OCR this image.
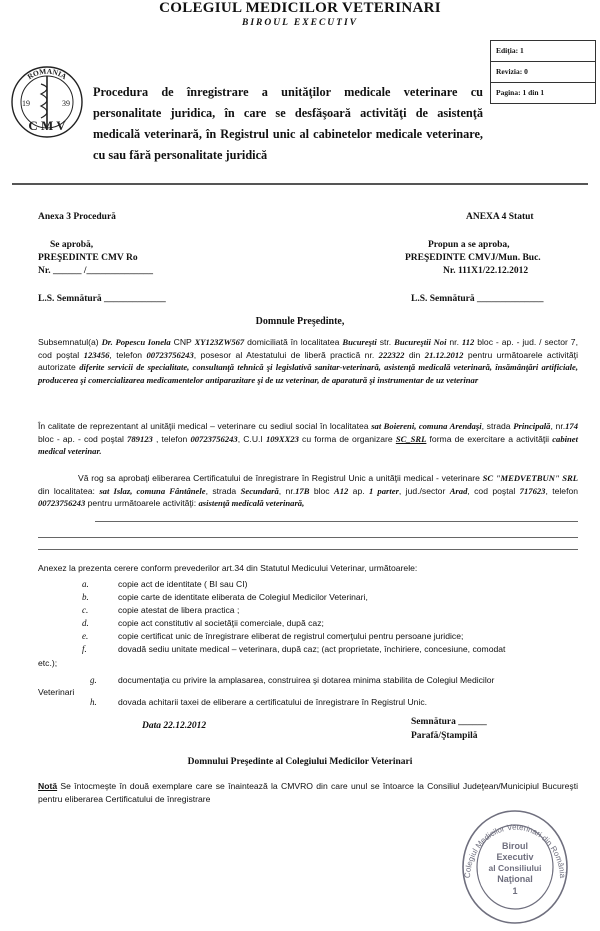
COLEGIUL MEDICILOR VETERINARI
BIROUL EXECUTIV
Ediţia: 1
Revizia: 0
Pagina: 1 din 1
ROMANIA
19	39
C M V
Procedura de înregistrare a unităţilor medicale veterinare cu personalitate juridica, în care se desfăşoară activităţi de asistenţă medicală veterinară, în Registrul unic al cabinetelor medicale veterinare, cu sau fără personalitate juridică
Anexa 3 Procedură	ANEXA 4 Statut
Se aprobă,
PREŞEDINTE CMV Ro
Nr. ______ /______________
Propun a se aproba,
PREŞEDINTE CMVJ/Mun. Buc.
Nr. 111X1/22.12.2012
L.S. Semnătură _____________	L.S. Semnătură ______________
Domnule Preşedinte,
Subsemnatul(a) Dr. Popescu Ionela CNP XY123ZW567 domiciliată în localitatea Bucureşti str. Bucureştii Noi nr. 112 bloc - ap. - jud. / sector 7, cod poştal 123456, telefon 00723756243, posesor al Atestatului de liberă practică nr. 222322 din 21.12.2012 pentru următoarele activităţi autorizate diferite servicii de specialitate, consultanţă tehnică şi legislativă sanitar-veterinară, asistenţă medicală veterinară, însămânţări artificiale, producerea şi comercializarea medicamentelor antiparazitare şi de uz veterinar, de aparatură şi instrumentar de uz veterinar
În calitate de reprezentant al unităţii medical – veterinare cu sediul social în localitatea sat Boiereni, comuna Arendaşi, strada Principală, nr.174 bloc - ap. - cod poştal 789123 , telefon 00723756243, C.U.I 109XX23 cu forma de organizare SC_SRL forma de exercitare a activităţii cabinet medical veterinar.
Vă rog sa aprobaţi eliberarea Certificatului de înregistrare în Registrul Unic a unităţii medical - veterinare SC "MEDVETBUN" SRL din localitatea: sat Islaz, comuna Fântânele, strada Secundară, nr.17B bloc A12 ap. 1 parter, jud./sector Arad, cod poştal 717623, telefon 00723756243 pentru următoarele activităţi: asistenţă medicală veterinară,
Anexez la prezenta cerere conform prevederilor art.34 din Statutul Medicului Veterinar, următoarele:
a.	copie act de identitate ( BI sau CI)
b.	copie carte de identitate eliberata de Colegiul Medicilor Veterinari,
c.	copie atestat de libera practica ;
d.	copie act constitutiv al societăţii comerciale, după caz;
e.	copie certificat unic de înregistrare eliberat de registrul comerţului pentru persoane juridice;
f.	dovadă sediu unitate medical – veterinara, după caz; (act proprietate, închiriere, concesiune, comodat
etc.);
g. documentaţia cu privire la amplasarea, construirea şi dotarea minima stabilita de Colegiul Medicilor
Veterinari
h. dovada achitarii taxei de eliberare a certificatului de înregistrare în Registrul Unic.
Data 22.12.2012	Semnătura ______
Parafă/Ştampilă
Domnului Preşedinte al Colegiului Medicilor Veterinari
Notă Se întocmeşte în două exemplare care se înaintează la CMVRO din care unul se întoarce la Consiliul Judeţean/Municipiul Bucureşti pentru eliberarea Certificatului de înregistrare
Colegiul Medicilor Veterinari din România
Biroul
Executiv
al Consiliului
Naţional
1
